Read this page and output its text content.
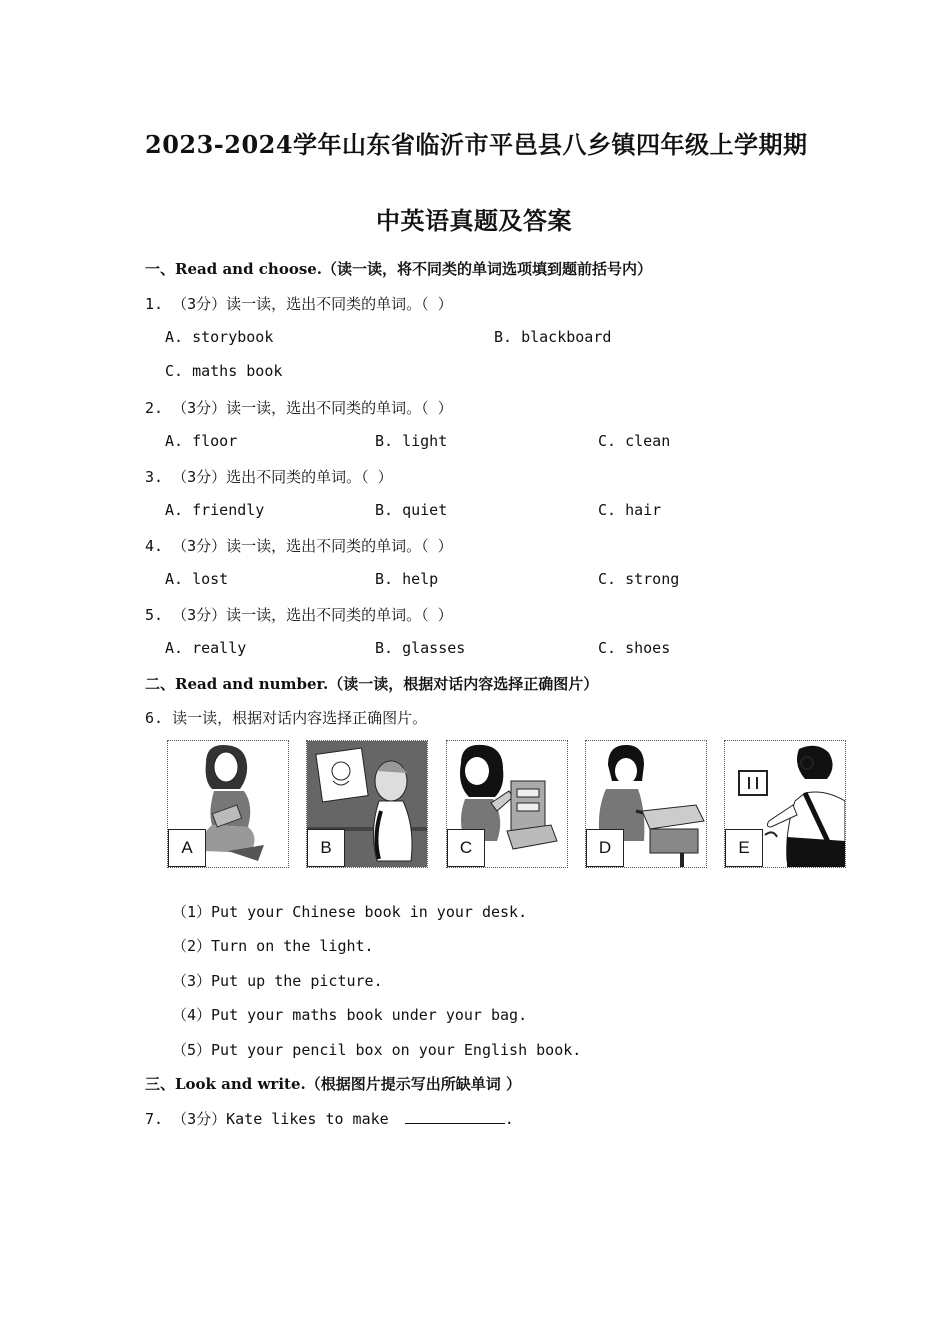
2023-2024学年山东省临沂市平邑县八乡镇四年级上学期期
中英语真题及答案
一、Read and choose.（读一读，将不同类的单词选项填到题前括号内）
1. （3分）读一读，选出不同类的单词。（ ）
A. storybook	B. blackboard
C. maths book
2. （3分）读一读，选出不同类的单词。（ ）
A. floor	B. light	C. clean
3. （3分）选出不同类的单词。（ ）
A. friendly	B. quiet	C. hair
4. （3分）读一读，选出不同类的单词。（ ）
A. lost	B. help	C. strong
5. （3分）读一读，选出不同类的单词。（ ）
A. really	B. glasses	C. shoes
二、Read and number.（读一读，根据对话内容选择正确图片）
6. 读一读，根据对话内容选择正确图片。
A	B	C	D	E
（1）Put your Chinese book in your desk.
（2）Turn on the light.
（3）Put up the picture.
（4）Put your maths book under your bag.
（5）Put your pencil box on your English book.
三、Look and write.（根据图片提示写出所缺单词 ）
7. （3分）Kate likes to make	.
